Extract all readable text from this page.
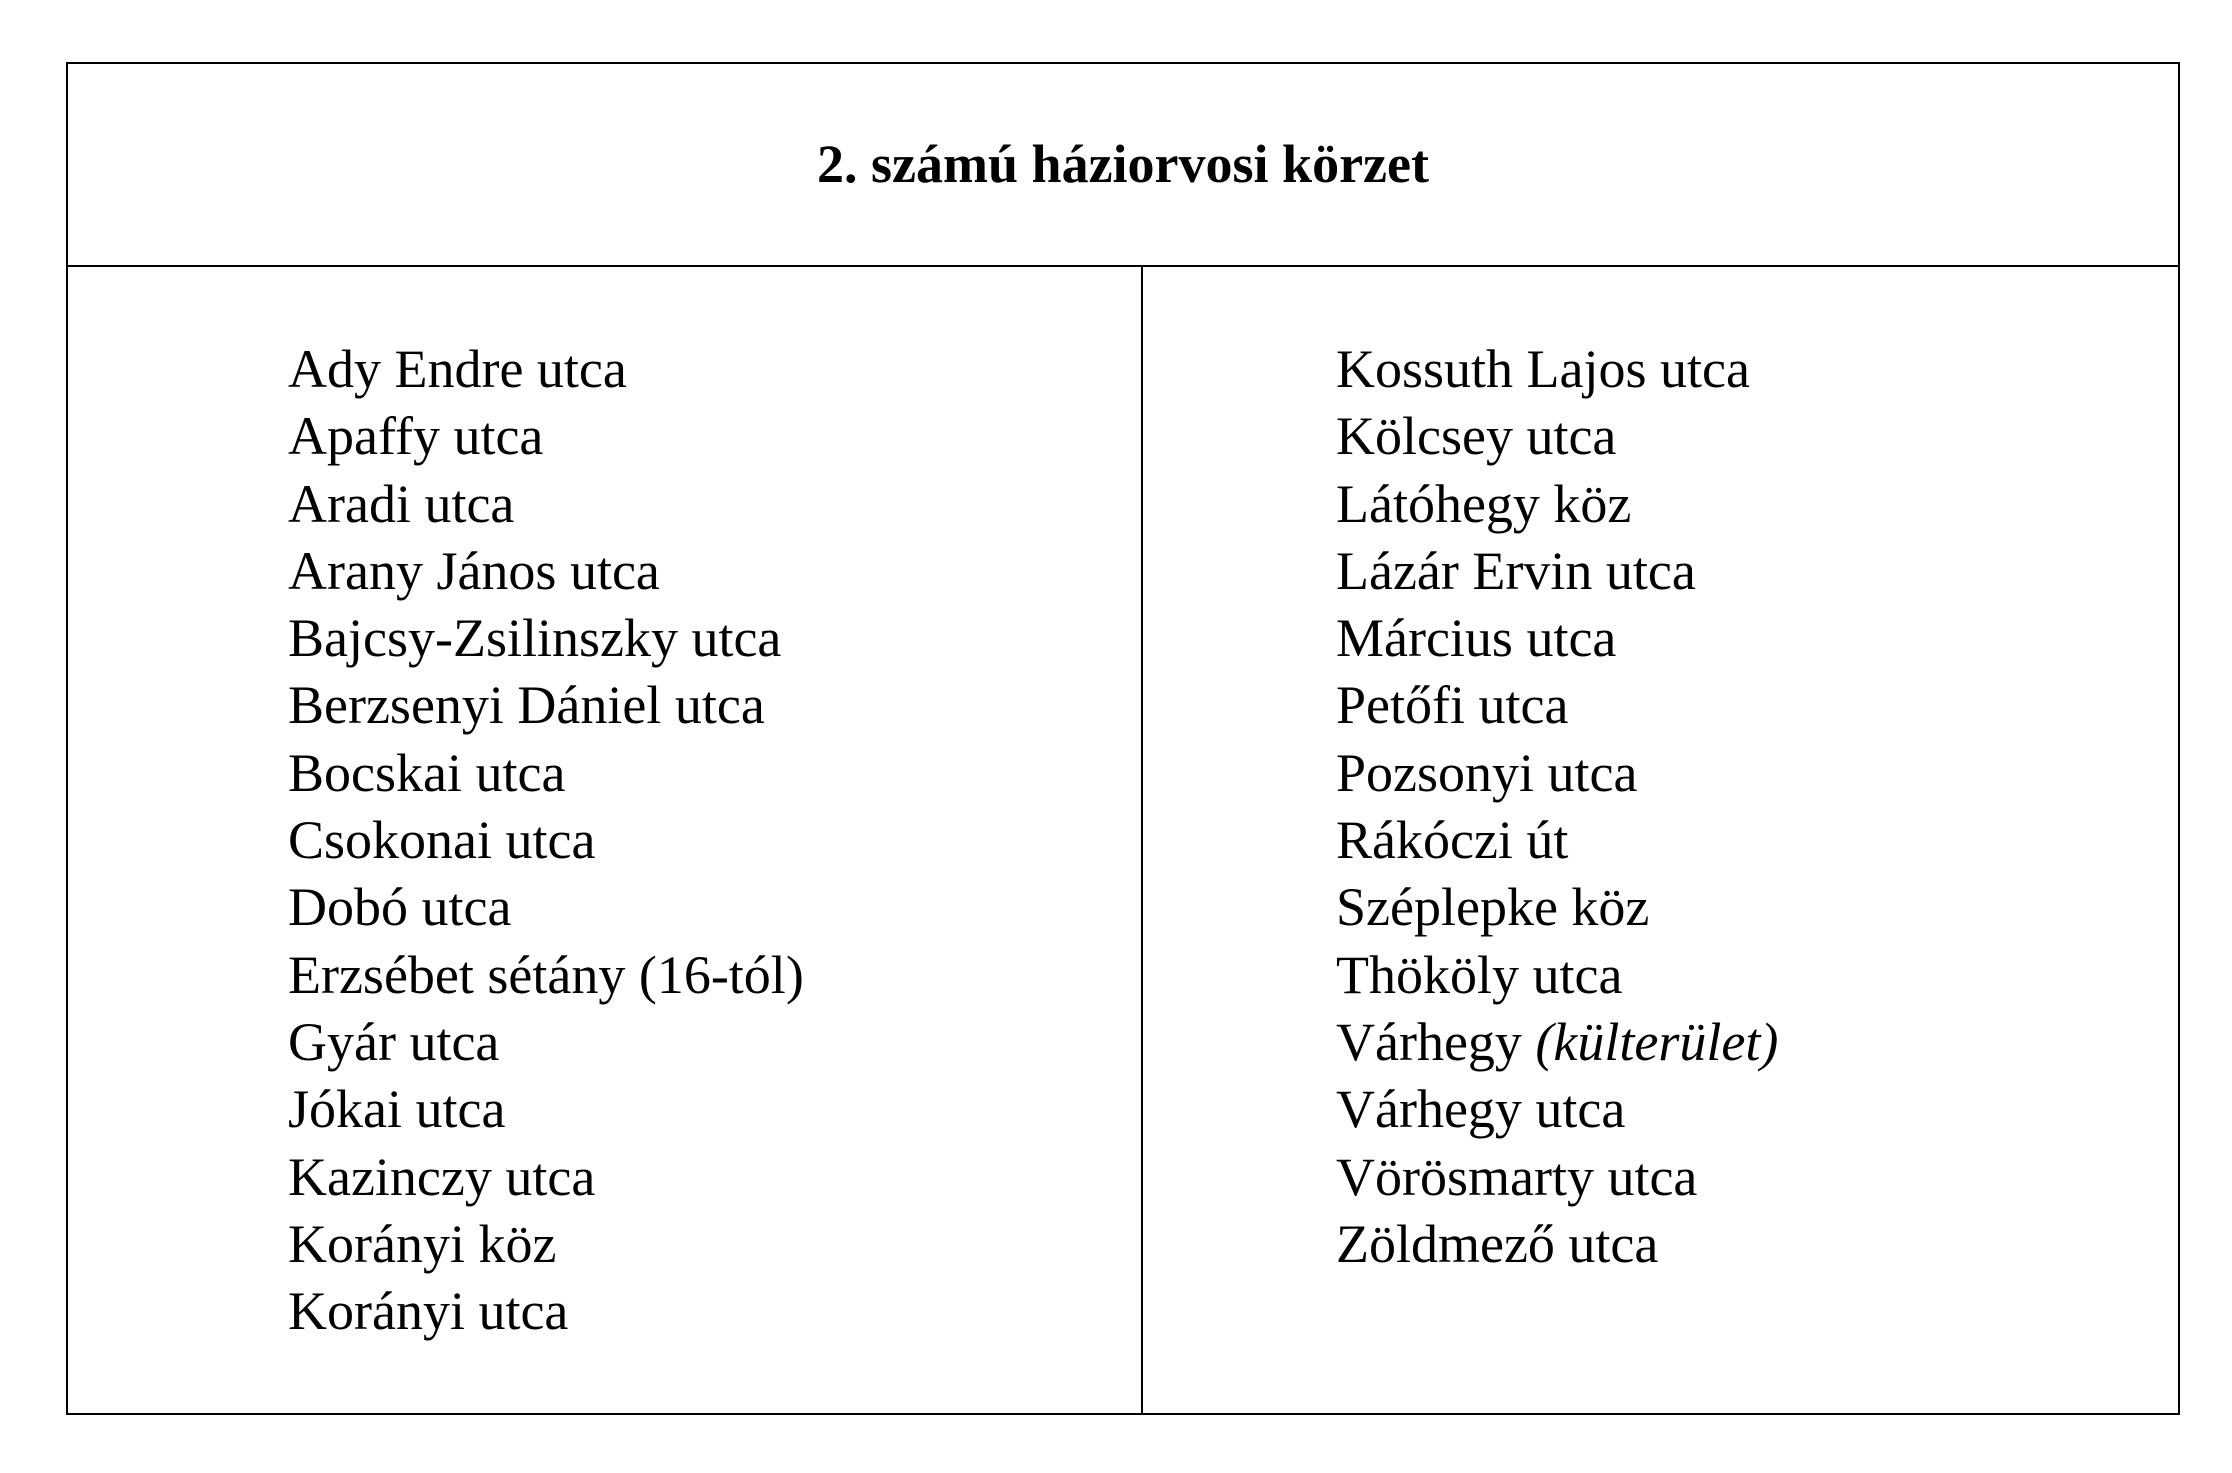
2. számú háziorvosi körzet
Ady Endre utca
Apaffy utca
Aradi utca
Arany János utca
Bajcsy-Zsilinszky utca
Berzsenyi Dániel utca
Bocskai utca
Csokonai utca
Dobó utca
Erzsébet sétány (16-tól)
Gyár utca
Jókai utca
Kazinczy utca
Korányi köz
Korányi utca
Kossuth Lajos utca
Kölcsey utca
Látóhegy köz
Lázár Ervin utca
Március utca
Petőfi utca
Pozsonyi utca
Rákóczi út
Széplepke köz
Thököly utca
Várhegy (külterület)
Várhegy utca
Vörösmarty utca
Zöldmező utca
